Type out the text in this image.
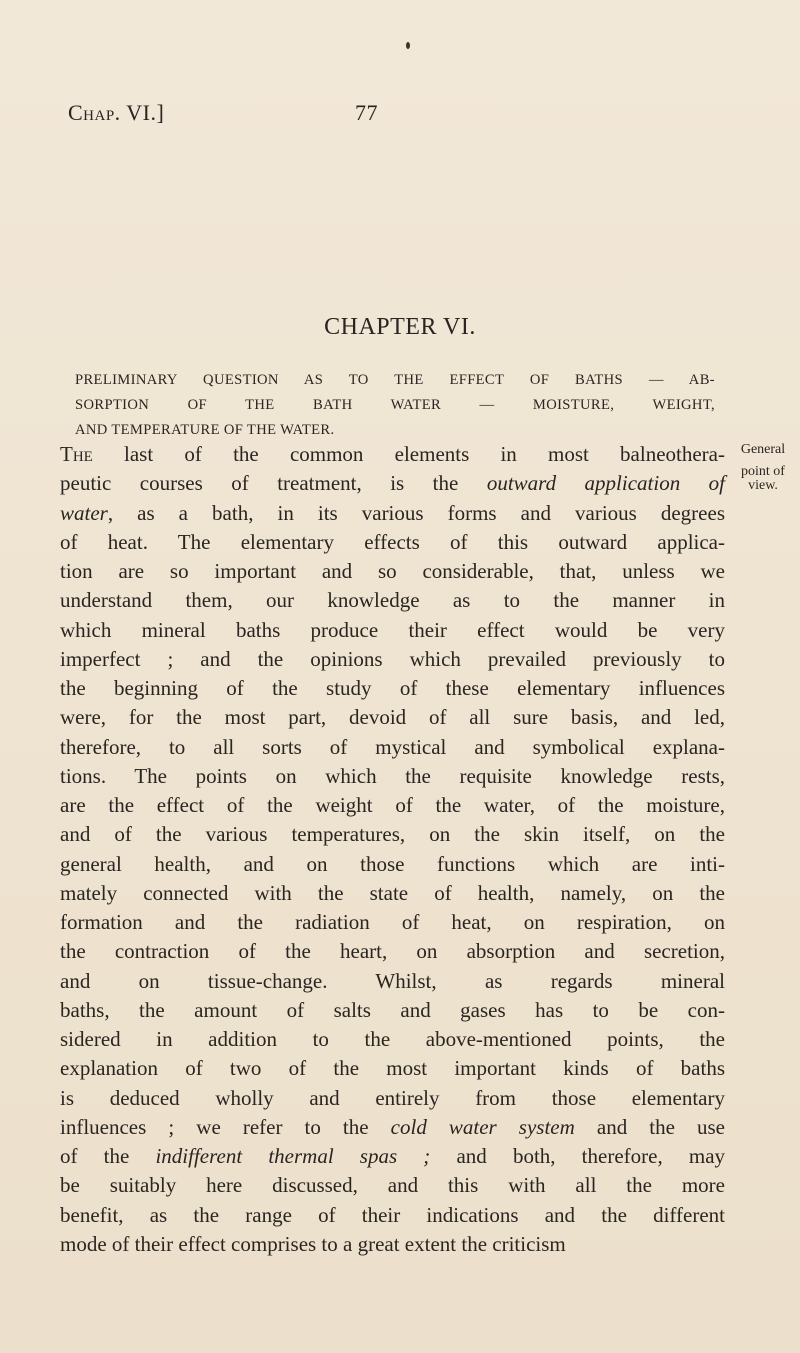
Chap. VI.]	77
CHAPTER VI.
PRELIMINARY QUESTION AS TO THE EFFECT OF BATHS — AB-
SORPTION OF THE BATH WATER — MOISTURE, WEIGHT,
AND TEMPERATURE OF THE WATER.
General
point of
view.
The last of the common elements in most balneothera-
peutic courses of treatment, is the outward application of
water, as a bath, in its various forms and various degrees
of heat. The elementary effects of this outward applica-
tion are so important and so considerable, that, unless we
understand them, our knowledge as to the manner in
which mineral baths produce their effect would be very
imperfect ; and the opinions which prevailed previously to
the beginning of the study of these elementary influences
were, for the most part, devoid of all sure basis, and led,
therefore, to all sorts of mystical and symbolical explana-
tions. The points on which the requisite knowledge rests,
are the effect of the weight of the water, of the moisture,
and of the various temperatures, on the skin itself, on the
general health, and on those functions which are inti-
mately connected with the state of health, namely, on the
formation and the radiation of heat, on respiration, on
the contraction of the heart, on absorption and secretion,
and on tissue-change. Whilst, as regards mineral
baths, the amount of salts and gases has to be con-
sidered in addition to the above-mentioned points, the
explanation of two of the most important kinds of baths
is deduced wholly and entirely from those elementary
influences ; we refer to the cold water system and the use
of the indifferent thermal spas ; and both, therefore, may
be suitably here discussed, and this with all the more
benefit, as the range of their indications and the different
mode of their effect comprises to a great extent the criticism
